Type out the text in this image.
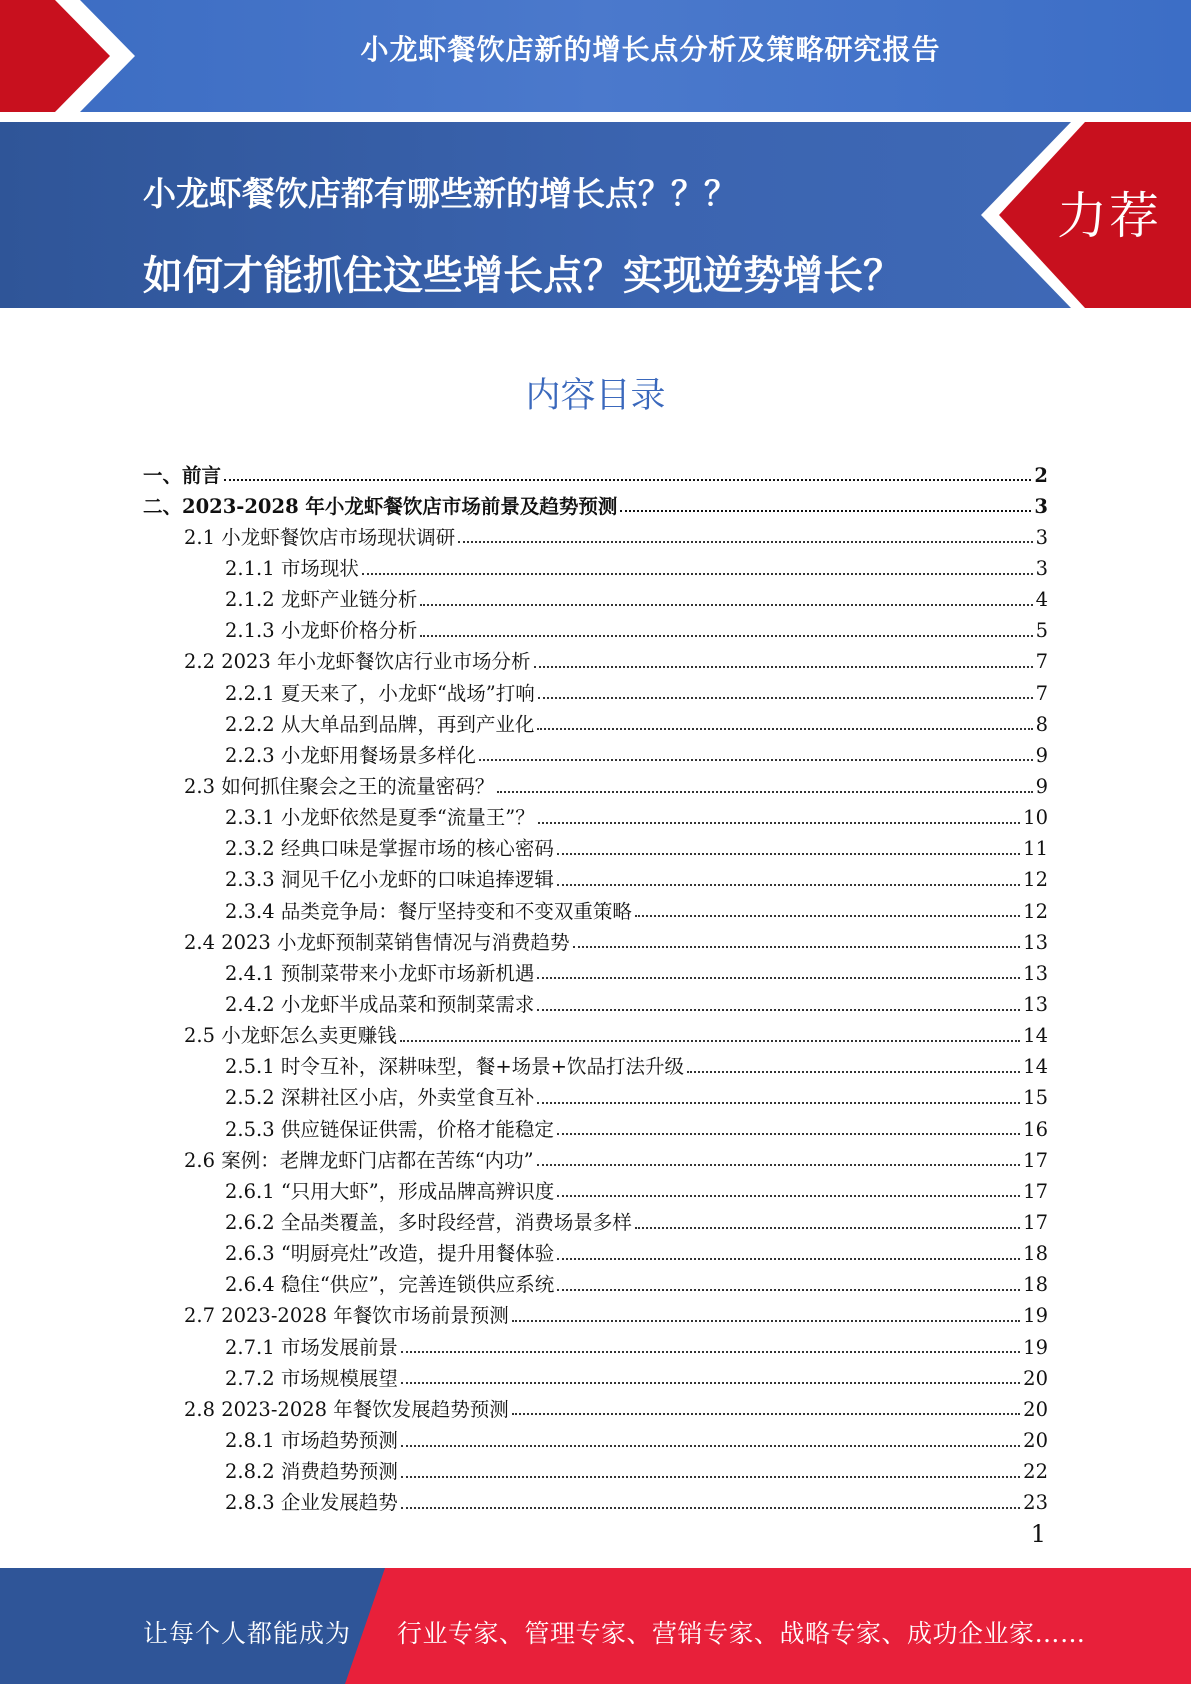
小龙虾餐饮店新的增长点分析及策略研究报告
小龙虾餐饮店都有哪些新的增长点？？？
如何才能抓住这些增长点？实现逆势增长？
力荐
内容目录
一、前言	2
二、2023-2028 年小龙虾餐饮店市场前景及趋势预测	3
2.1 小龙虾餐饮店市场现状调研	3
2.1.1 市场现状	3
2.1.2 龙虾产业链分析	4
2.1.3 小龙虾价格分析	5
2.2 2023 年小龙虾餐饮店行业市场分析	7
2.2.1 夏天来了，小龙虾“战场”打响	7
2.2.2 从大单品到品牌，再到产业化	8
2.2.3 小龙虾用餐场景多样化	9
2.3 如何抓住聚会之王的流量密码？	9
2.3.1 小龙虾依然是夏季“流量王”？	10
2.3.2 经典口味是掌握市场的核心密码	11
2.3.3 洞见千亿小龙虾的口味追捧逻辑	12
2.3.4 品类竞争局：餐厅坚持变和不变双重策略	12
2.4 2023 小龙虾预制菜销售情况与消费趋势	13
2.4.1 预制菜带来小龙虾市场新机遇	13
2.4.2 小龙虾半成品菜和预制菜需求	13
2.5 小龙虾怎么卖更赚钱	14
2.5.1 时令互补，深耕味型，餐+场景+饮品打法升级	14
2.5.2 深耕社区小店，外卖堂食互补	15
2.5.3 供应链保证供需，价格才能稳定	16
2.6 案例：老牌龙虾门店都在苦练“内功”	17
2.6.1 “只用大虾”，形成品牌高辨识度	17
2.6.2 全品类覆盖，多时段经营，消费场景多样	17
2.6.3 “明厨亮灶”改造，提升用餐体验	18
2.6.4 稳住“供应”，完善连锁供应系统	18
2.7 2023-2028 年餐饮市场前景预测	19
2.7.1 市场发展前景	19
2.7.2 市场规模展望	20
2.8 2023-2028 年餐饮发展趋势预测	20
2.8.1 市场趋势预测	20
2.8.2 消费趋势预测	22
2.8.3 企业发展趋势	23
1
让每个人都能成为 行业专家、管理专家、营销专家、战略专家、成功企业家……
